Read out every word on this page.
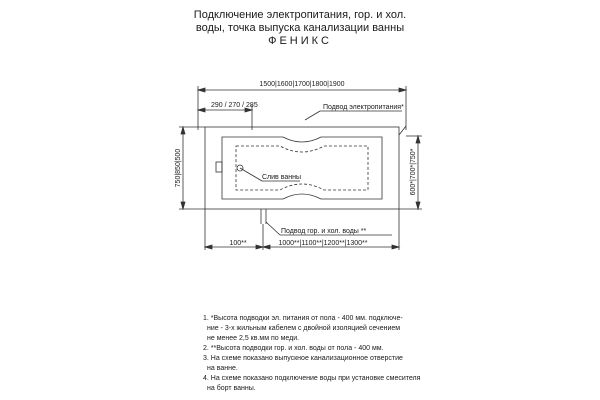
Подключение электропитания, гор. и хол.
воды, точка выпуска канализации ванны
ФЕНИКС
1500|1600|1700|1800|1900
290 / 270 / 285	Подвод электропитания*
Слив ванны
Подвод гор. и хол. воды **
100**	1000**|1100**|1200**|1300**
750|850|500	600*|700*|750*
1. *Высота подводки эл. питания от пола - 400 мм. подключе-
ние - 3-х жильным кабелем с двойной изоляцией сечением
не менее 2,5 кв.мм по меди.
2. **Высота подводки гор. и хол. воды от пола - 400 мм.
3. На схеме показано выпускное канализационное отверстие
на ванне.
4. На схеме показано подключение воды при установке смесителя
на борт ванны.
